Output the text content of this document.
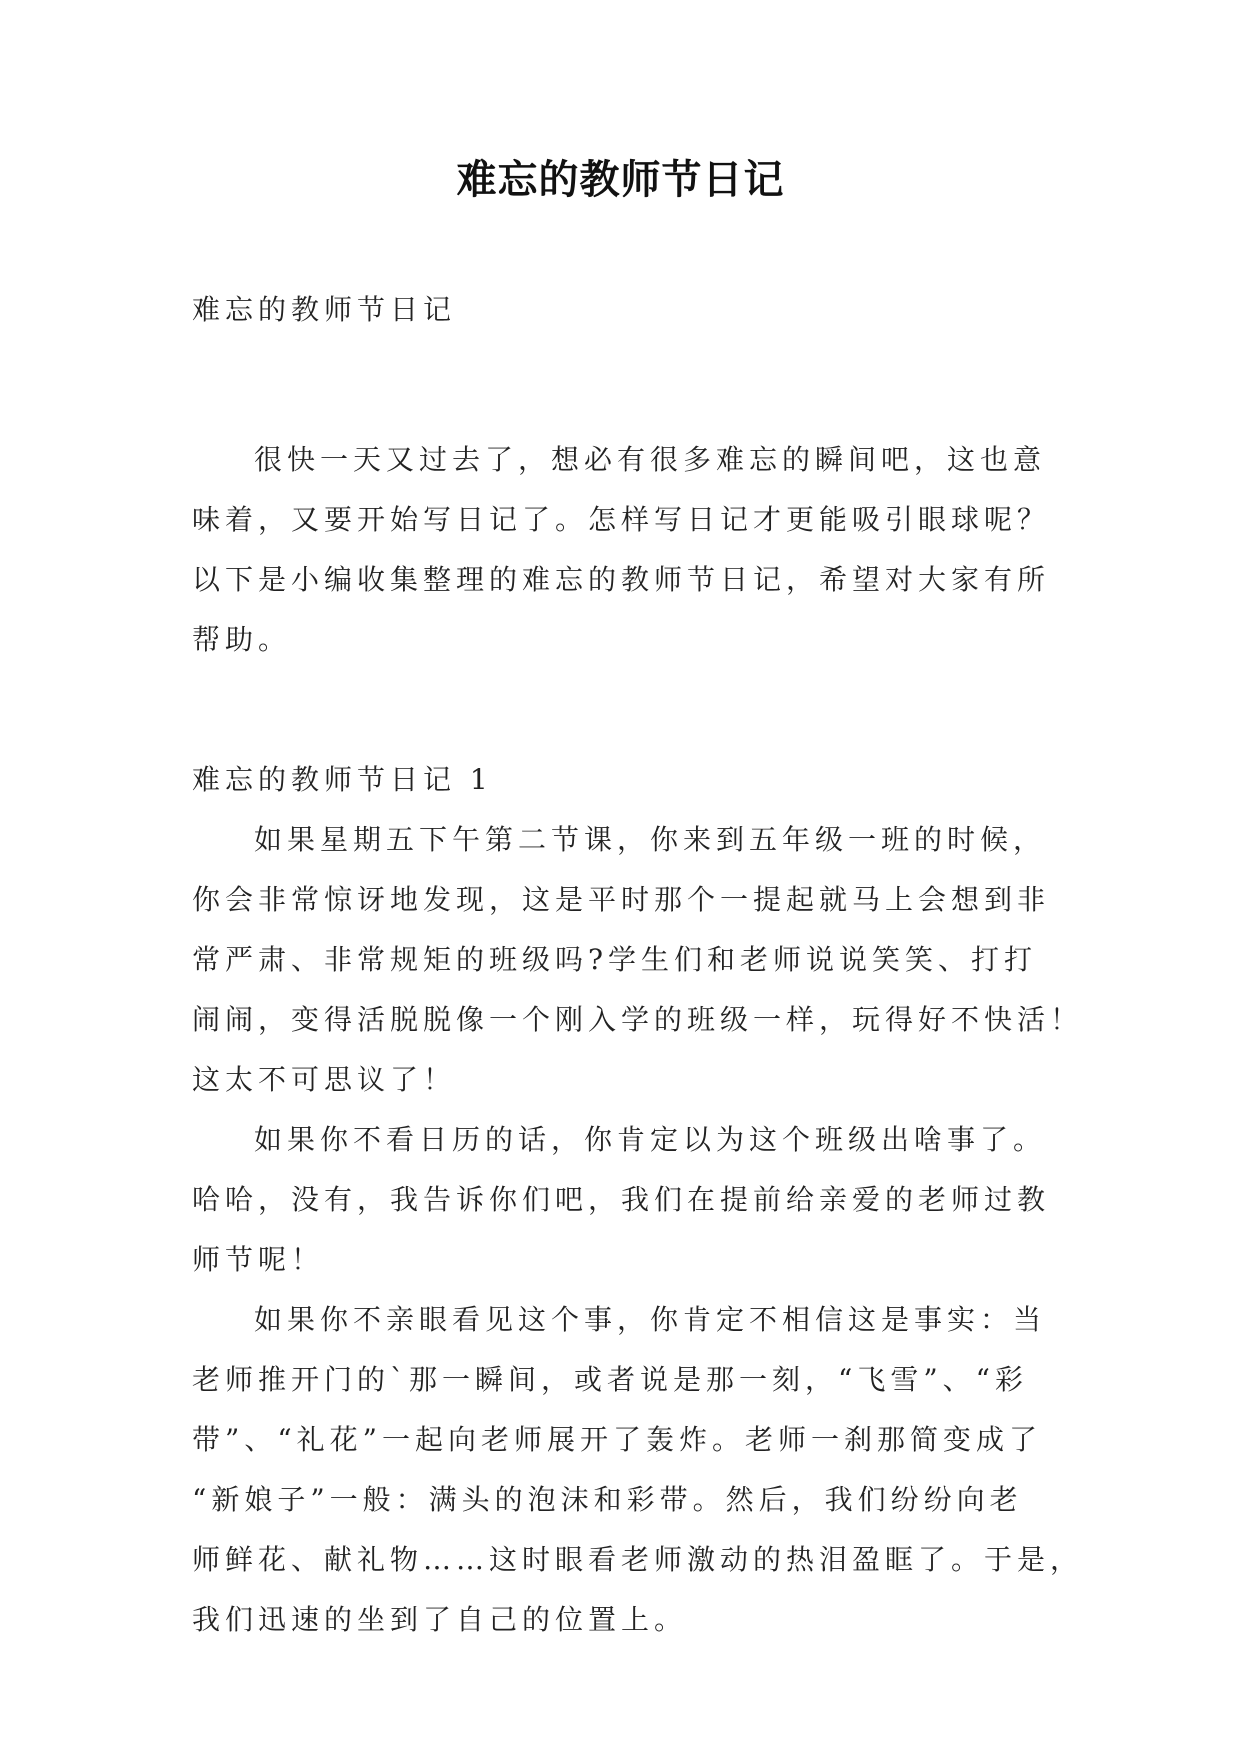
难忘的教师节日记

难忘的教师节日记

很快一天又过去了，想必有很多难忘的瞬间吧，这也意

味着，又要开始写日记了。怎样写日记才更能吸引眼球呢？

以下是小编收集整理的难忘的教师节日记，希望对大家有所

帮助。

难忘的教师节日记 1

如果星期五下午第二节课，你来到五年级一班的时候，

你会非常惊讶地发现，这是平时那个一提起就马上会想到非

常严肃、非常规矩的班级吗?学生们和老师说说笑笑、打打

闹闹，变得活脱脱像一个刚入学的班级一样，玩得好不快活！

这太不可思议了！

如果你不看日历的话，你肯定以为这个班级出啥事了。

哈哈，没有，我告诉你们吧，我们在提前给亲爱的老师过教

师节呢！

如果你不亲眼看见这个事，你肯定不相信这是事实：当

老师推开门的`那一瞬间，或者说是那一刻，“飞雪”、“彩

带”、“礼花”一起向老师展开了轰炸。老师一刹那简变成了

“新娘子”一般：满头的泡沫和彩带。然后，我们纷纷向老

师鲜花、献礼物……这时眼看老师激动的热泪盈眶了。于是，

我们迅速的坐到了自己的位置上。
